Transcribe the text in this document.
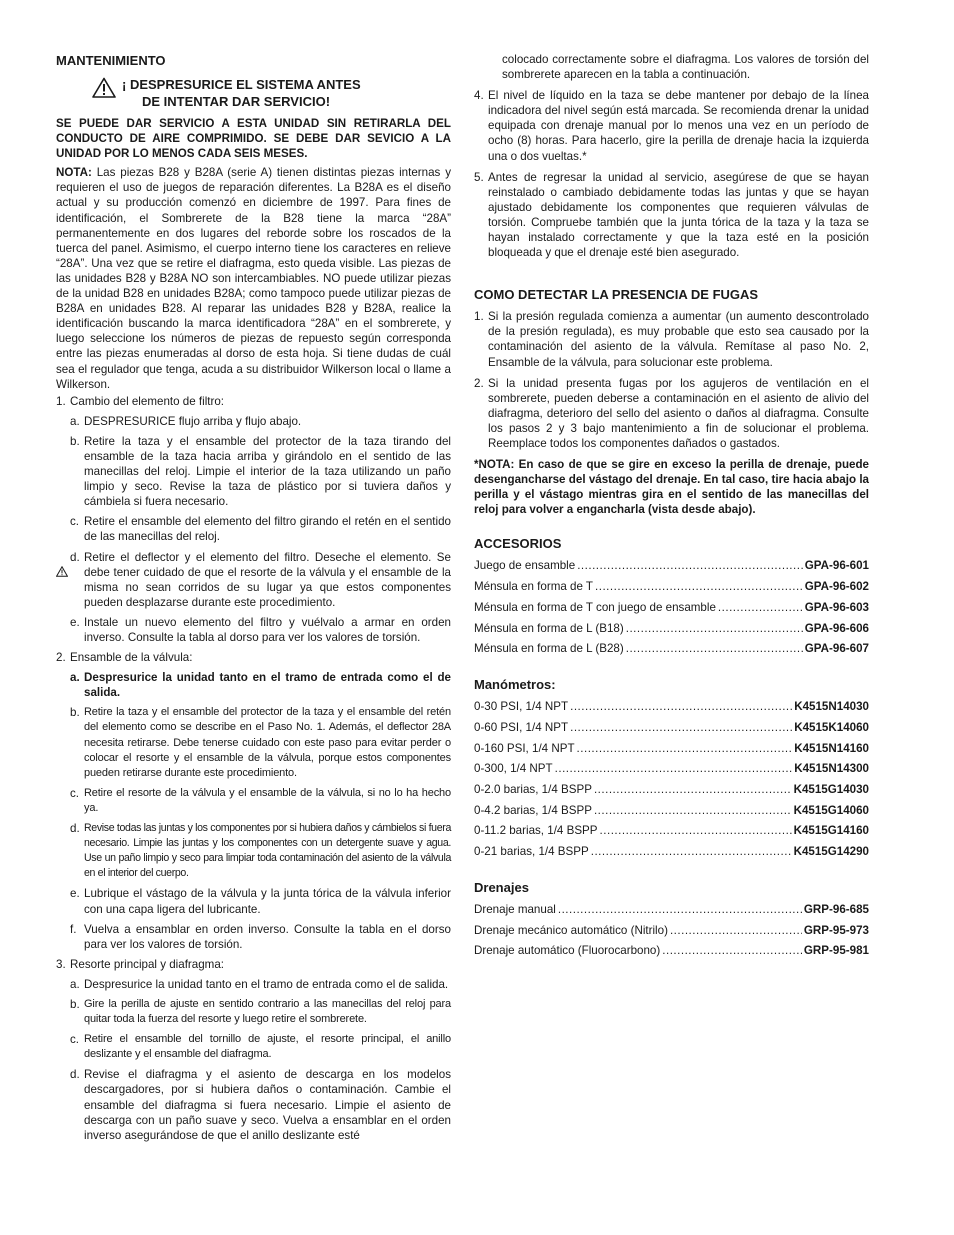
MANTENIMIENTO
¡ DESPRESURICE EL SISTEMA ANTES
DE INTENTAR DAR SERVICIO!

SE PUEDE DAR SERVICIO A ESTA UNIDAD SIN RETIRARLA DEL CONDUCTO DE AIRE COMPRIMIDO. SE DEBE DAR SEVICIO A LA UNIDAD POR LO MENOS CADA SEIS MESES.

NOTA: Las piezas B28 y B28A (serie A) tienen distintas piezas internas y requieren el uso de juegos de reparación diferentes. La B28A es el diseño actual y su producción comenzó en diciembre de 1997. Para fines de identificación, el Sombrerete de la B28 tiene la marca “28A” permanentemente en dos lugares del reborde sobre los roscados de la tuerca del panel. Asimismo, el cuerpo interno tiene los caracteres en relieve “28A”. Una vez que se retire el diafragma, esto queda visible. Las piezas de las unidades B28 y B28A NO son intercambiables. NO puede utilizar piezas de la unidad B28 en unidades B28A; como tampoco puede utilizar piezas de B28A en unidades B28. Al reparar las unidades B28 y B28A, realice la identificación buscando la marca identificadora “28A” en el sombrerete, y luego seleccione los números de piezas de repuesto según corresponda entre las piezas enumeradas al dorso de esta hoja. Si tiene dudas de cuál sea el regulador que tenga, acuda a su distribuidor Wilkerson local o llame a Wilkerson.

1. Cambio del elemento de filtro:
a. DESPRESURICE flujo arriba y flujo abajo.
b. Retire la taza y el ensamble del protector de la taza tirando del ensamble de la taza hacia arriba y girándolo en el sentido de las manecillas del reloj. Limpie el interior de la taza utilizando un paño limpio y seco. Revise la taza de plástico por si tuviera daños y cámbiela si fuera necesario.
c. Retire el ensamble del elemento del filtro girando el retén en el sentido de las manecillas del reloj.
d. Retire el deflector y el elemento del filtro. Deseche el elemento. Se debe tener cuidado de que el resorte de la válvula y el ensamble de la misma no sean corridos de su lugar ya que estos componentes pueden desplazarse durante este procedimiento.
e. Instale un nuevo elemento del filtro y vuélvalo a armar en orden inverso. Consulte la tabla al dorso para ver los valores de torsión.
2. Ensamble de la válvula:
a. Despresurice la unidad tanto en el tramo de entrada como el de salida.
b. Retire la taza y el ensamble del protector de la taza y el ensamble del retén del elemento como se describe en el Paso No. 1. Además, el deflector 28A necesita retirarse. Debe tenerse cuidado con este paso para evitar perder o colocar el resorte y el ensamble de la válvula, porque estos componentes pueden retirarse durante este procedimiento.
c. Retire el resorte de la válvula y el ensamble de la válvula, si no lo ha hecho ya.
d. Revise todas las juntas y los componentes por si hubiera daños y cámbielos si fuera necesario. Limpie las juntas y los componentes con un detergente suave y agua. Use un paño limpio y seco para limpiar toda contaminación del asiento de la válvula en el interior del cuerpo.
e. Lubrique el vástago de la válvula y la junta tórica de la válvula inferior con una capa ligera del lubricante.
f. Vuelva a ensamblar en orden inverso. Consulte la tabla en el dorso para ver los valores de torsión.
3. Resorte principal y diafragma:
a. Despresurice la unidad tanto en el tramo de entrada como el de salida.
b. Gire la perilla de ajuste en sentido contrario a las manecillas del reloj para quitar toda la fuerza del resorte y luego retire el sombrerete.
c. Retire el ensamble del tornillo de ajuste, el resorte principal, el anillo deslizante y el ensamble del diafragma.
d. Revise el diafragma y el asiento de descarga en los modelos descargadores, por si hubiera daños o contaminación. Cambie el ensamble del diafragma si fuera necesario. Limpie el asiento de descarga con un paño suave y seco. Vuelva a ensamblar en el orden inverso asegurándose de que el anillo deslizante esté

colocado correctamente sobre el diafragma. Los valores de torsión del sombrerete aparecen en la tabla a continuación.

4. El nivel de líquido en la taza se debe mantener por debajo de la línea indicadora del nivel según está marcada. Se recomienda drenar la unidad equipada con drenaje manual por lo menos una vez en un período de ocho (8) horas. Para hacerlo, gire la perilla de drenaje hacia la izquierda una o dos vueltas.*
5. Antes de regresar la unidad al servicio, asegúrese de que se hayan reinstalado o cambiado debidamente todas las juntas y que se hayan ajustado debidamente los componentes que requieren válvulas de torsión. Compruebe también que la junta tórica de la taza y la taza se hayan instalado correctamente y que la taza esté en la posición bloqueada y que el drenaje esté bien asegurado.
COMO DETECTAR LA PRESENCIA DE FUGAS
1. Si la presión regulada comienza a aumentar (un aumento descontrolado de la presión regulada), es muy probable que esto sea causado por la contaminación del asiento de la válvula. Remítase al paso No. 2, Ensamble de la válvula, para solucionar este problema.
2. Si la unidad presenta fugas por los agujeros de ventilación en el sombrerete, pueden deberse a contaminación en el asiento de alivio del diafragma, deterioro del sello del asiento o daños al diafragma. Consulte los pasos 2 y 3 bajo mantenimiento a fin de solucionar el problema. Reemplace todos los componentes dañados o gastados.

*NOTA: En caso de que se gire en exceso la perilla de drenaje, puede desengancharse del vástago del drenaje. En tal caso, tire hacia abajo la perilla y el vástago mientras gira en el sentido de las manecillas del reloj para volver a engancharla (vista desde abajo).

ACCESORIOS
Juego de ensamble .....	GPA-96-601
Ménsula en forma de T .....	GPA-96-602
Ménsula en forma de T con juego de ensamble .....	GPA-96-603
Ménsula en forma de L (B18) .....	GPA-96-606
Ménsula en forma de L (B28) .....	GPA-96-607
Manómetros:
0-30 PSI, 1/4 NPT .....	K4515N14030
0-60 PSI, 1/4 NPT .....	K4515K14060
0-160 PSI, 1/4 NPT .....	K4515N14160
0-300, 1/4 NPT .....	K4515N14300
0-2.0 barias, 1/4 BSPP .....	K4515G14030
0-4.2 barias, 1/4 BSPP .....	K4515G14060
0-11.2 barias, 1/4 BSPP .....	K4515G14160
0-21 barias, 1/4 BSPP .....	K4515G14290
Drenajes
Drenaje manual .....	GRP-96-685
Drenaje mecánico automático (Nitrilo) .....	GRP-95-973
Drenaje automático (Fluorocarbono) .....	GRP-95-981
